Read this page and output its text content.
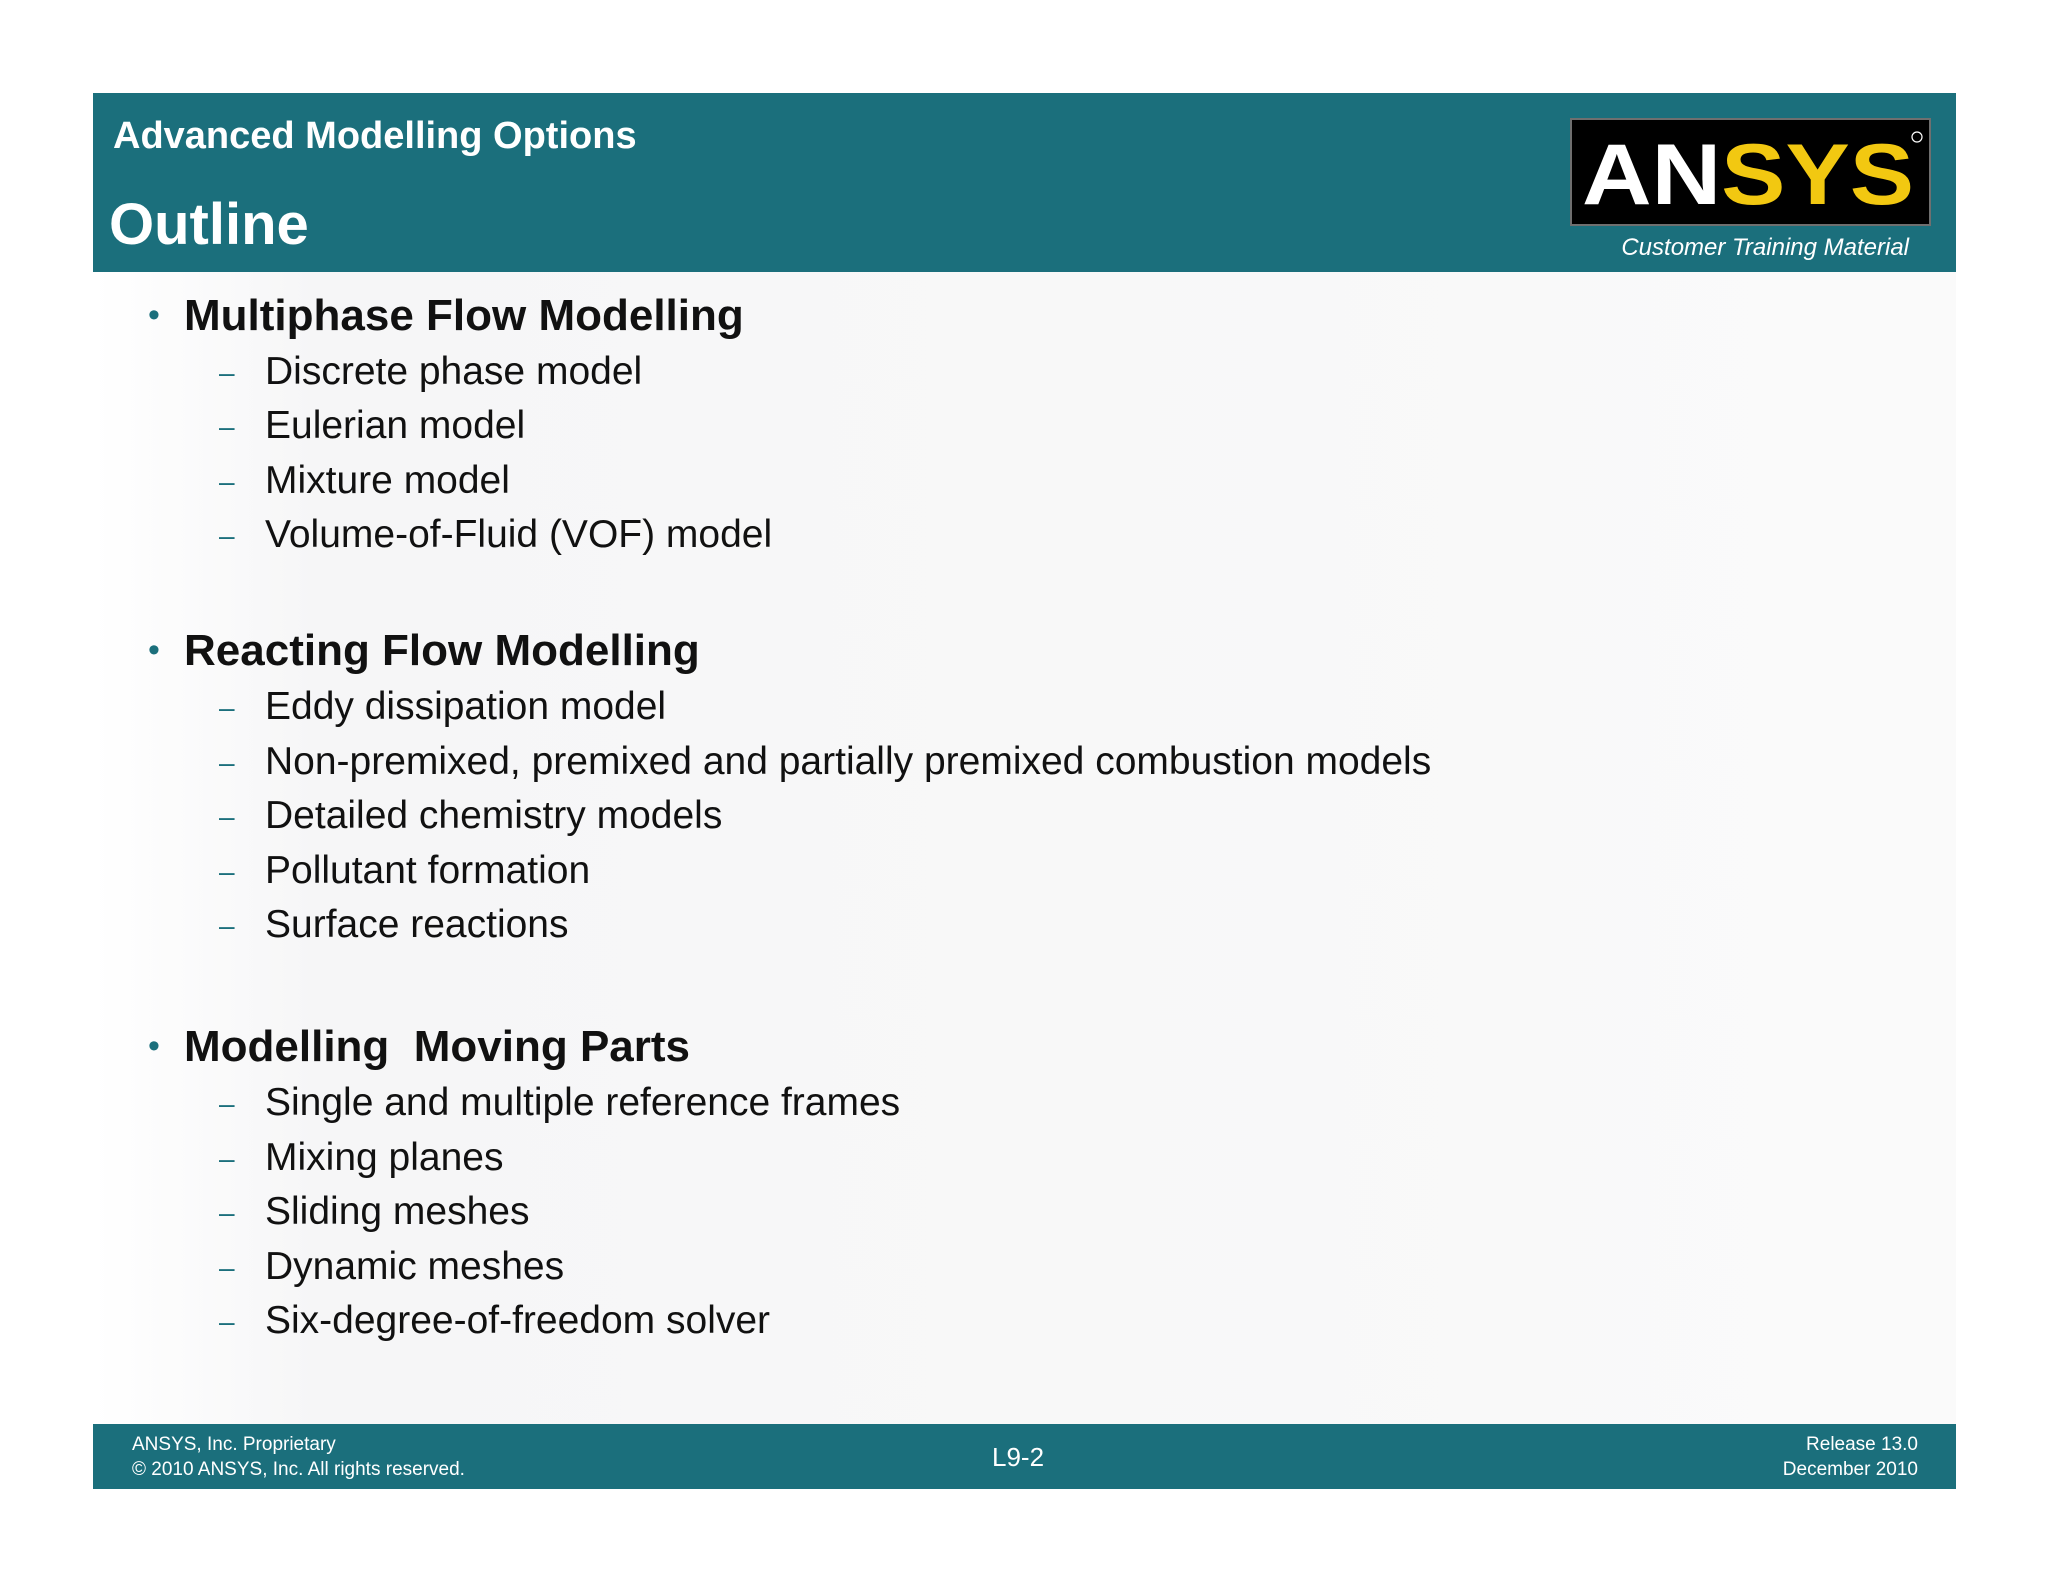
Advanced Modelling Options
Outline
AN SYS
Customer Training Material
• Multiphase Flow Modelling
– Discrete phase model
– Eulerian model
– Mixture model
– Volume-of-Fluid (VOF) model
• Reacting Flow Modelling
– Eddy dissipation model
– Non-premixed, premixed and partially premixed combustion models
– Detailed chemistry models
– Pollutant formation
– Surface reactions
• Modelling  Moving Parts
– Single and multiple reference frames
– Mixing planes
– Sliding meshes
– Dynamic meshes
– Six-degree-of-freedom solver
ANSYS, Inc. Proprietary
© 2010 ANSYS, Inc. All rights reserved.	L9-2	Release 13.0
December 2010
